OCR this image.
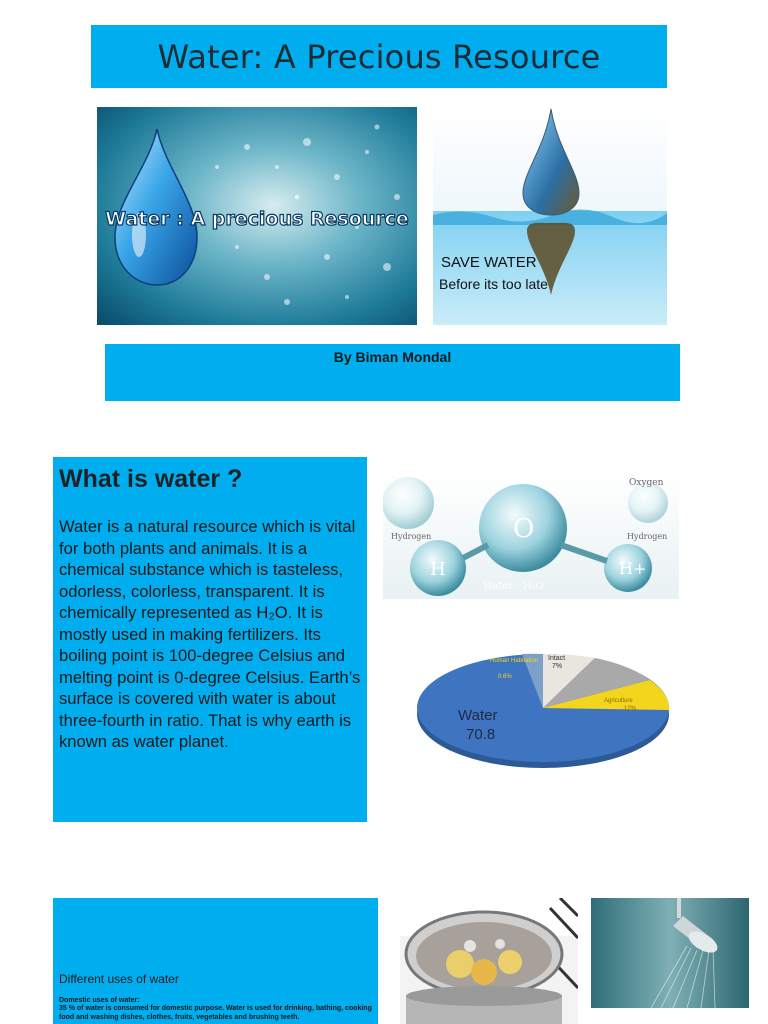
Water: A Precious Resource
Water : A precious Resource
SAVE WATER
Before its too late
By Biman Mondal
What is water ?

Water is a natural resource which is vital for both plants and animals. It is a chemical substance which is tasteless, odorless, colorless, transparent. It is chemically represented as H₂O. It is mostly used in making fertilizers. Its boiling point is 100-degree Celsius and melting point is 0-degree Celsius. Earth’s surface is covered with water is about three-fourth in ratio. That is why earth is known as water planet.

Oxygen
Hydrogen	Hydrogen
O
H	H+
Water - H₂O
Water
70.8
Human Habitation
0.6%
Intact
7%
Agriculture
12%
Different uses of water
Domestic uses of water:
35 % of water is consumed for domestic purpose. Water is used for drinking, bathing, cooking food and washing dishes, clothes, fruits, vegetables and brushing teeth.
